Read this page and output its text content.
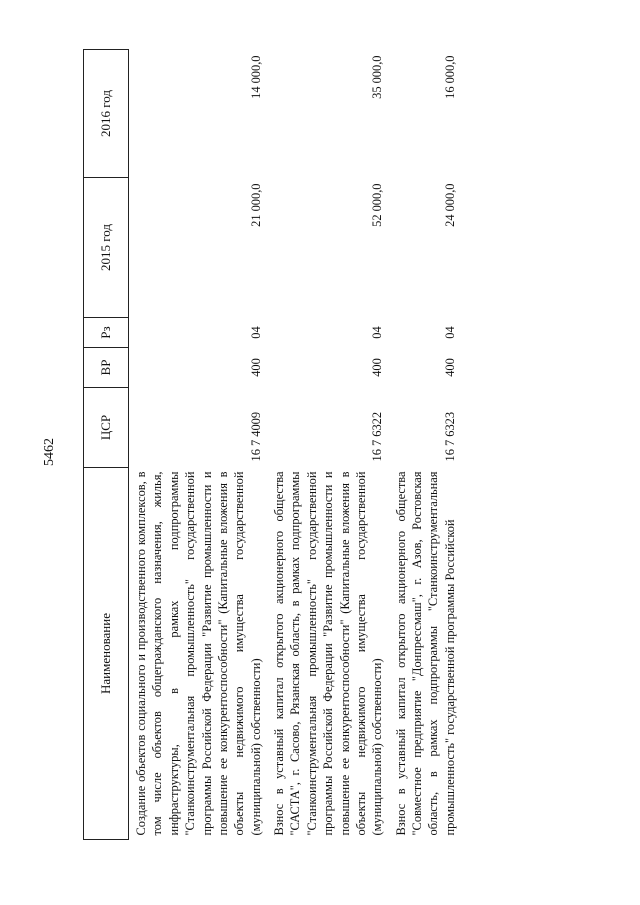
5462
Наименование	ЦСР	ВР	Рз	2015 год	2016 год
Создание объектов социального и производственного комплексов, в том числе объектов общегражданского назначения, жилья, инфраструктуры, в рамках подпрограммы "Станкоинструментальная промышленность" государственной программы Российской Федерации "Развитие промышленности и повышение ее конкурентоспособности" (Капитальные вложения в объекты недвижимого имущества государственной (муниципальной) собственности)	16 7 4009	400	04	21 000,0	14 000,0
Взнос в уставный капитал открытого акционерного общества "САСТА", г. Сасово, Рязанская область, в рамках подпрограммы "Станкоинструментальная промышленность" государственной программы Российской Федерации "Развитие промышленности и повышение ее конкурентоспособности" (Капитальные вложения в объекты недвижимого имущества государственной (муниципальной) собственности)	16 7 6322	400	04	52 000,0	35 000,0
Взнос в уставный капитал открытого акционерного общества "Совместное предприятие "Донпрессмаш", г. Азов, Ростовская область, в рамках подпрограммы "Станкоинструментальная промышленность" государственной программы Российской	16 7 6323	400	04	24 000,0	16 000,0
